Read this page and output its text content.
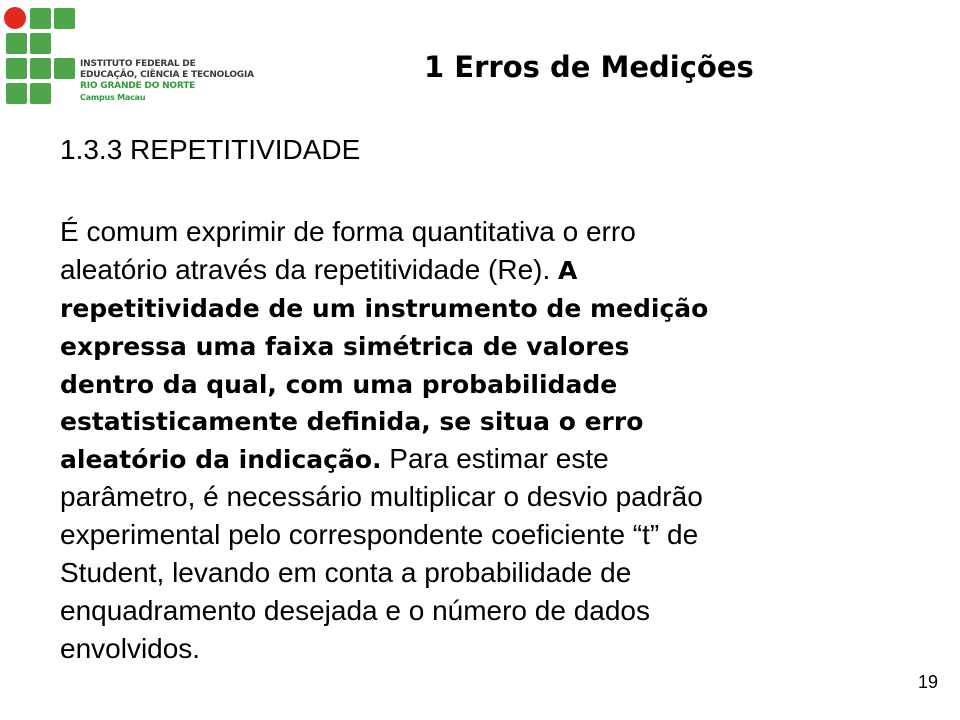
INSTITUTO FEDERAL DE
EDUCAÇÃO, CIÊNCIA E TECNOLOGIA
RIO GRANDE DO NORTE
Campus Macau
1 Erros de Medições
1.3.3 REPETITIVIDADE
É comum exprimir de forma quantitativa o erro
aleatório através da repetitividade (Re). A
repetitividade de um instrumento de medição
expressa uma faixa simétrica de valores
dentro da qual, com uma probabilidade
estatisticamente definida, se situa o erro
aleatório da indicação. Para estimar este
parâmetro, é necessário multiplicar o desvio padrão
experimental pelo correspondente coeficiente “t” de
Student, levando em conta a probabilidade de
enquadramento desejada e o número de dados
envolvidos.
19
